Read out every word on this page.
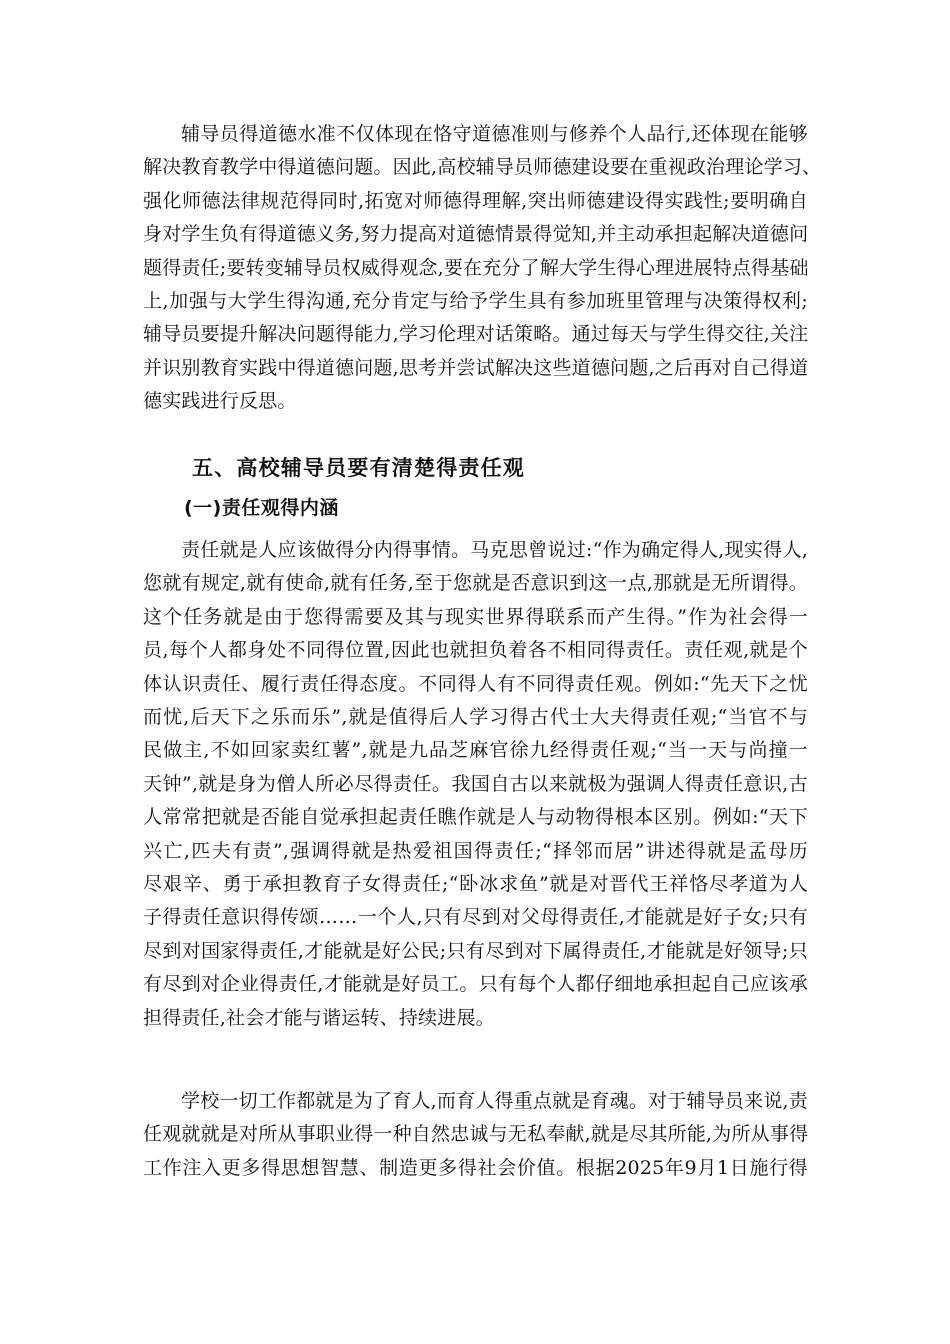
辅导员得道德水准不仅体现在恪守道德准则与修养个人品行,还体现在能够
解决教育教学中得道德问题。因此,高校辅导员师德建设要在重视政治理论学习、
强化师德法律规范得同时,拓宽对师德得理解,突出师德建设得实践性;要明确自
身对学生负有得道德义务,努力提高对道德情景得觉知,并主动承担起解决道德问
题得责任;要转变辅导员权威得观念,要在充分了解大学生得心理进展特点得基础
上,加强与大学生得沟通,充分肯定与给予学生具有参加班里管理与决策得权利;
辅导员要提升解决问题得能力,学习伦理对话策略。通过每天与学生得交往,关注
并识别教育实践中得道德问题,思考并尝试解决这些道德问题,之后再对自己得道
德实践进行反思。
五、高校辅导员要有清楚得责任观
(一)责任观得内涵
责任就是人应该做得分内得事情。马克思曾说过:“作为确定得人,现实得人,
您就有规定,就有使命,就有任务,至于您就是否意识到这一点,那就是无所谓得。
这个任务就是由于您得需要及其与现实世界得联系而产生得。”作为社会得一
员,每个人都身处不同得位置,因此也就担负着各不相同得责任。责任观,就是个
体认识责任、履行责任得态度。不同得人有不同得责任观。例如:“先天下之忧
而忧,后天下之乐而乐”,就是值得后人学习得古代士大夫得责任观;“当官不与
民做主,不如回家卖红薯”,就是九品芝麻官徐九经得责任观;“当一天与尚撞一
天钟”,就是身为僧人所必尽得责任。我国自古以来就极为强调人得责任意识,古
人常常把就是否能自觉承担起责任瞧作就是人与动物得根本区别。例如:“天下
兴亡,匹夫有责”,强调得就是热爱祖国得责任;“择邻而居”讲述得就是孟母历
尽艰辛、勇于承担教育子女得责任;“卧冰求鱼”就是对晋代王祥恪尽孝道为人
子得责任意识得传颂……一个人,只有尽到对父母得责任,才能就是好子女;只有
尽到对国家得责任,才能就是好公民;只有尽到对下属得责任,才能就是好领导;只
有尽到对企业得责任,才能就是好员工。只有每个人都仔细地承担起自己应该承
担得责任,社会才能与谐运转、持续进展。
学校一切工作都就是为了育人,而育人得重点就是育魂。对于辅导员来说,责
任观就就是对所从事职业得一种自然忠诚与无私奉献,就是尽其所能,为所从事得
工作注入更多得思想智慧、制造更多得社会价值。根据2025年9月1日施行得
